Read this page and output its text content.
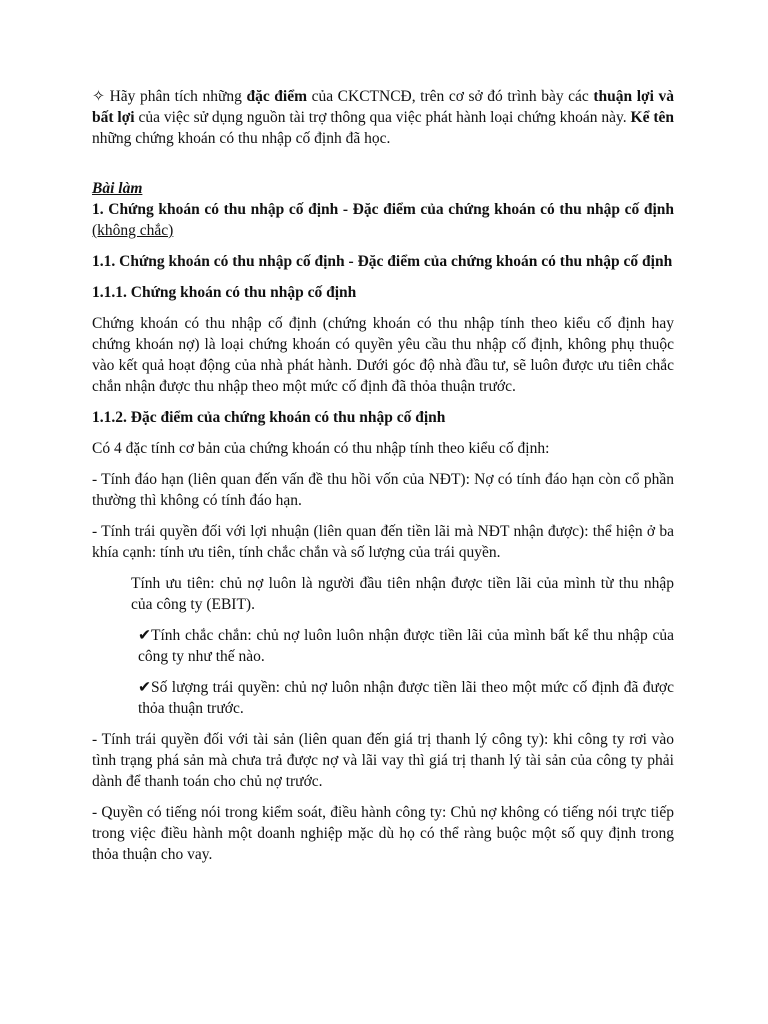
✧ Hãy phân tích những đặc điểm của CKCTNCĐ, trên cơ sở đó trình bày các thuận lợi và bất lợi của việc sử dụng nguồn tài trợ thông qua việc phát hành loại chứng khoán này. Kể tên những chứng khoán có thu nhập cố định đã học.

Bài làm

1. Chứng khoán có thu nhập cố định - Đặc điểm của chứng khoán có thu nhập cố định (không chắc)

1.1. Chứng khoán có thu nhập cố định - Đặc điểm của chứng khoán có thu nhập cố định

1.1.1. Chứng khoán có thu nhập cố định

Chứng khoán có thu nhập cố định (chứng khoán có thu nhập tính theo kiểu cố định hay chứng khoán nợ) là loại chứng khoán có quyền yêu cầu thu nhập cố định, không phụ thuộc vào kết quả hoạt động của nhà phát hành. Dưới góc độ nhà đầu tư, sẽ luôn được ưu tiên chắc chắn nhận được thu nhập theo một mức cố định đã thỏa thuận trước.

1.1.2. Đặc điểm của chứng khoán có thu nhập cố định

Có 4 đặc tính cơ bản của chứng khoán có thu nhập tính theo kiểu cố định:

- Tính đáo hạn (liên quan đến vấn đề thu hồi vốn của NĐT): Nợ có tính đáo hạn còn cổ phần thường thì không có tính đáo hạn.

- Tính trái quyền đối với lợi nhuận (liên quan đến tiền lãi mà NĐT nhận được): thể hiện ở ba khía cạnh: tính ưu tiên, tính chắc chắn và số lượng của trái quyền.

Tính ưu tiên: chủ nợ luôn là người đầu tiên nhận được tiền lãi của mình từ thu nhập của công ty (EBIT).

✔Tính chắc chắn: chủ nợ luôn luôn nhận được tiền lãi của mình bất kể thu nhập của công ty như thế nào.

✔Số lượng trái quyền: chủ nợ luôn nhận được tiền lãi theo một mức cố định đã được thỏa thuận trước.

- Tính trái quyền đối với tài sản (liên quan đến giá trị thanh lý công ty): khi công ty rơi vào tình trạng phá sản mà chưa trả được nợ và lãi vay thì giá trị thanh lý tài sản của công ty phải dành để thanh toán cho chủ nợ trước.

- Quyền có tiếng nói trong kiểm soát, điều hành công ty: Chủ nợ không có tiếng nói trực tiếp trong việc điều hành một doanh nghiệp mặc dù họ có thể ràng buộc một số quy định trong thỏa thuận cho vay.
